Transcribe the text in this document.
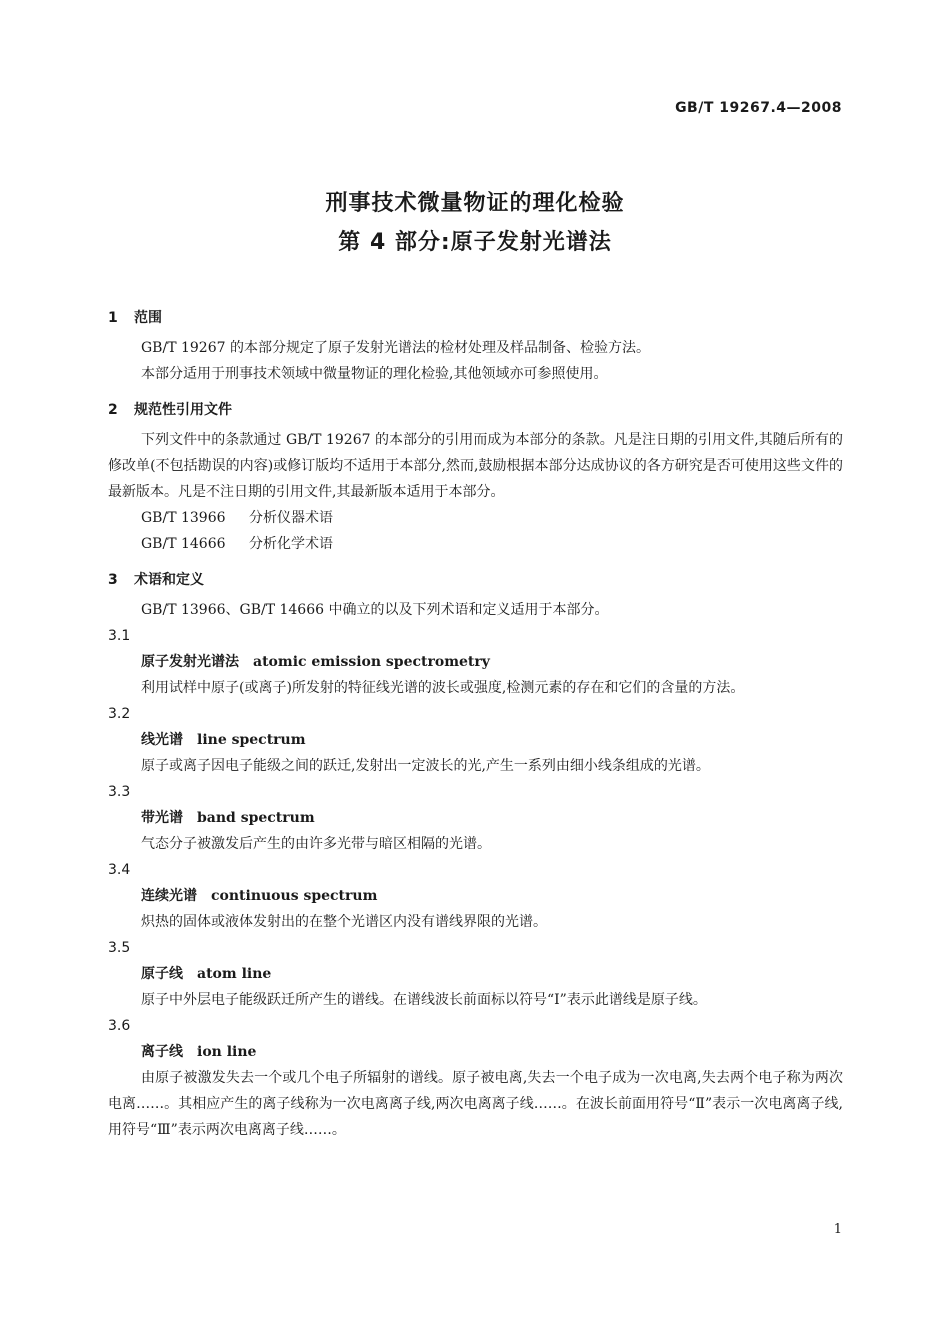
GB/T 19267.4—2008
刑事技术微量物证的理化检验
第 4 部分:原子发射光谱法
1 范围

GB/T 19267 的本部分规定了原子发射光谱法的检材处理及样品制备、检验方法。

本部分适用于刑事技术领域中微量物证的理化检验,其他领域亦可参照使用。

2 规范性引用文件

下列文件中的条款通过 GB/T 19267 的本部分的引用而成为本部分的条款。凡是注日期的引用文件,其随后所有的修改单(不包括勘误的内容)或修订版均不适用于本部分,然而,鼓励根据本部分达成协议的各方研究是否可使用这些文件的最新版本。凡是不注日期的引用文件,其最新版本适用于本部分。

GB/T 13966 分析仪器术语

GB/T 14666 分析化学术语

3 术语和定义

GB/T 13966、GB/T 14666 中确立的以及下列术语和定义适用于本部分。

3.1
原子发射光谱法 atomic emission spectrometry

利用试样中原子(或离子)所发射的特征线光谱的波长或强度,检测元素的存在和它们的含量的方法。

3.2
线光谱 line spectrum

原子或离子因电子能级之间的跃迁,发射出一定波长的光,产生一系列由细小线条组成的光谱。

3.3
带光谱 band spectrum

气态分子被激发后产生的由许多光带与暗区相隔的光谱。

3.4
连续光谱 continuous spectrum

炽热的固体或液体发射出的在整个光谱区内没有谱线界限的光谱。

3.5
原子线 atom line

原子中外层电子能级跃迁所产生的谱线。在谱线波长前面标以符号“Ⅰ”表示此谱线是原子线。

3.6
离子线 ion line

由原子被激发失去一个或几个电子所辐射的谱线。原子被电离,失去一个电子成为一次电离,失去两个电子称为两次电离……。其相应产生的离子线称为一次电离离子线,两次电离离子线……。在波长前面用符号“Ⅱ”表示一次电离离子线,用符号“Ⅲ”表示两次电离离子线……。

1
